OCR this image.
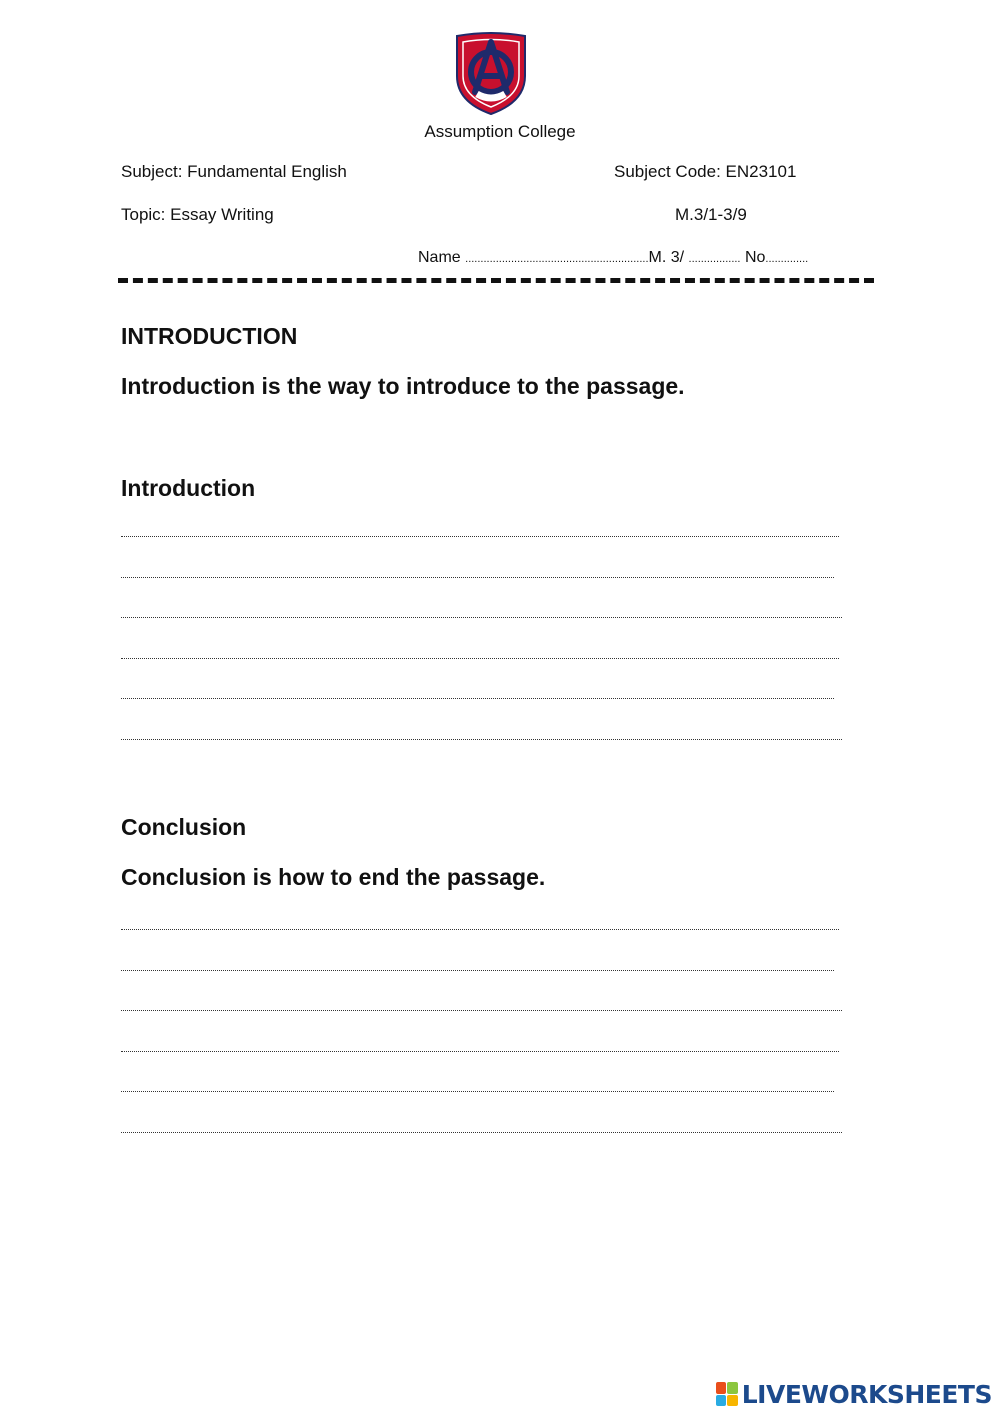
Assumption College
Subject: Fundamental English	Subject Code: EN23101
Topic: Essay Writing	M.3/1-3/9
Name ............................................................M. 3/ ................. No..............
INTRODUCTION
Introduction is the way to introduce to the passage.
Introduction
Conclusion
Conclusion is how to end the passage.
LIVEWORKSHEETS
